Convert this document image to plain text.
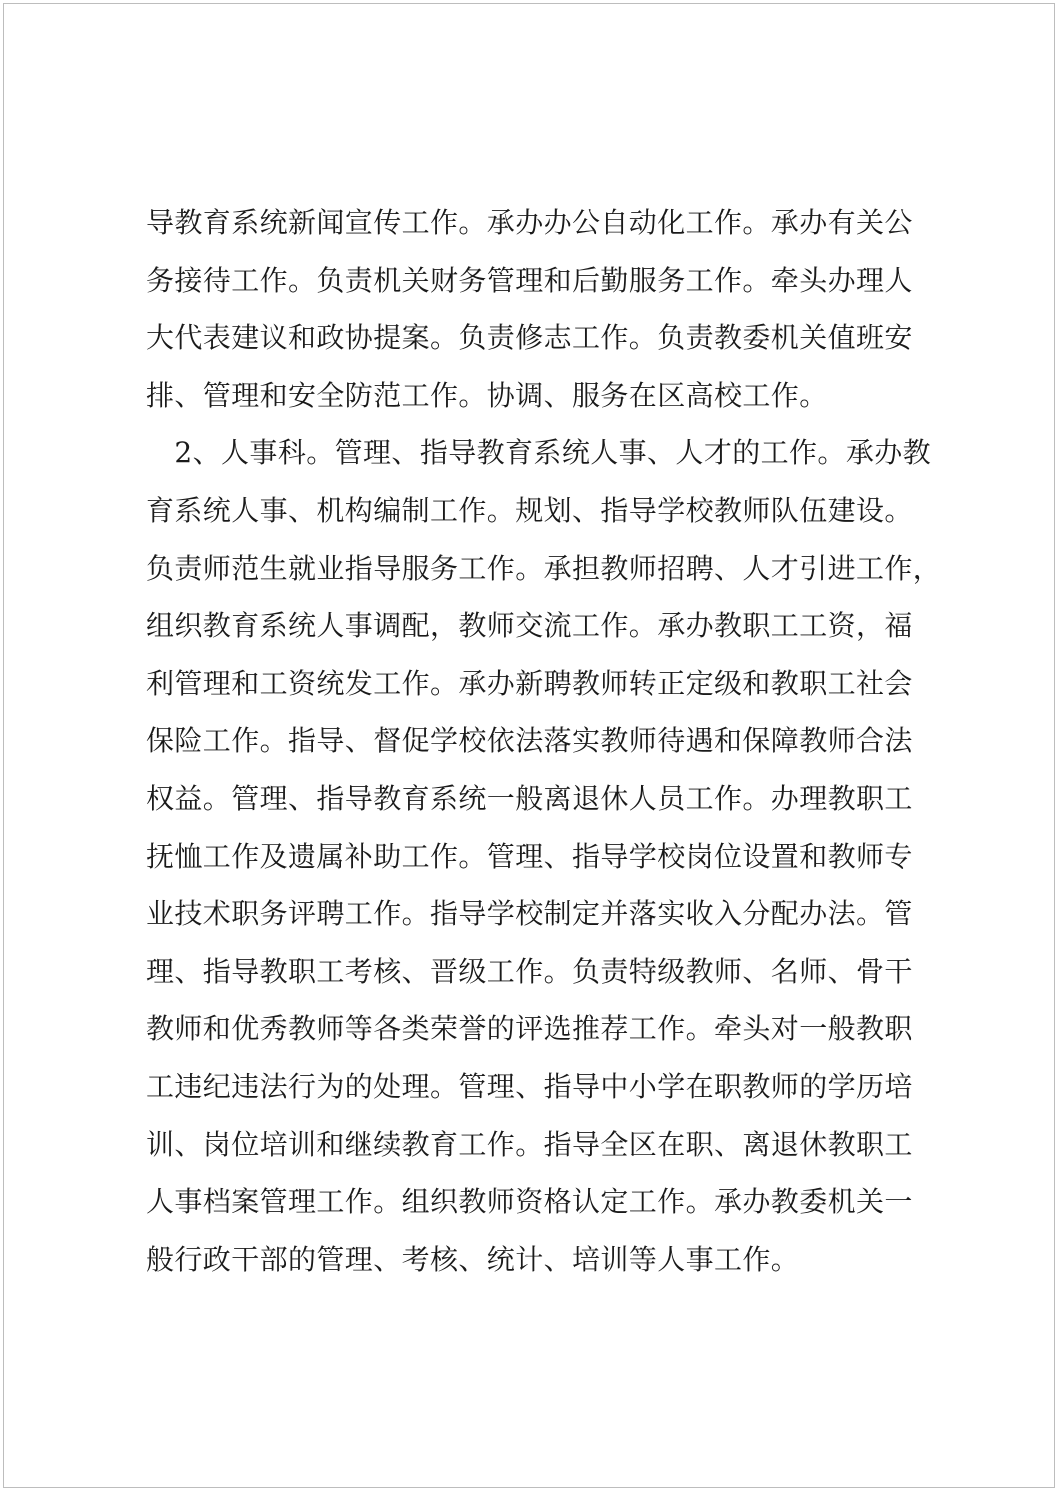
导教育系统新闻宣传工作。承办办公自动化工作。承办有关公
务接待工作。负责机关财务管理和后勤服务工作。牵头办理人
大代表建议和政协提案。负责修志工作。负责教委机关值班安
排、管理和安全防范工作。协调、服务在区高校工作。
　2、人事科。管理、指导教育系统人事、人才的工作。承办教
育系统人事、机构编制工作。规划、指导学校教师队伍建设。
负责师范生就业指导服务工作。承担教师招聘、人才引进工作，
组织教育系统人事调配，教师交流工作。承办教职工工资，福
利管理和工资统发工作。承办新聘教师转正定级和教职工社会
保险工作。指导、督促学校依法落实教师待遇和保障教师合法
权益。管理、指导教育系统一般离退休人员工作。办理教职工
抚恤工作及遗属补助工作。管理、指导学校岗位设置和教师专
业技术职务评聘工作。指导学校制定并落实收入分配办法。管
理、指导教职工考核、晋级工作。负责特级教师、名师、骨干
教师和优秀教师等各类荣誉的评选推荐工作。牵头对一般教职
工违纪违法行为的处理。管理、指导中小学在职教师的学历培
训、岗位培训和继续教育工作。指导全区在职、离退休教职工
人事档案管理工作。组织教师资格认定工作。承办教委机关一
般行政干部的管理、考核、统计、培训等人事工作。
